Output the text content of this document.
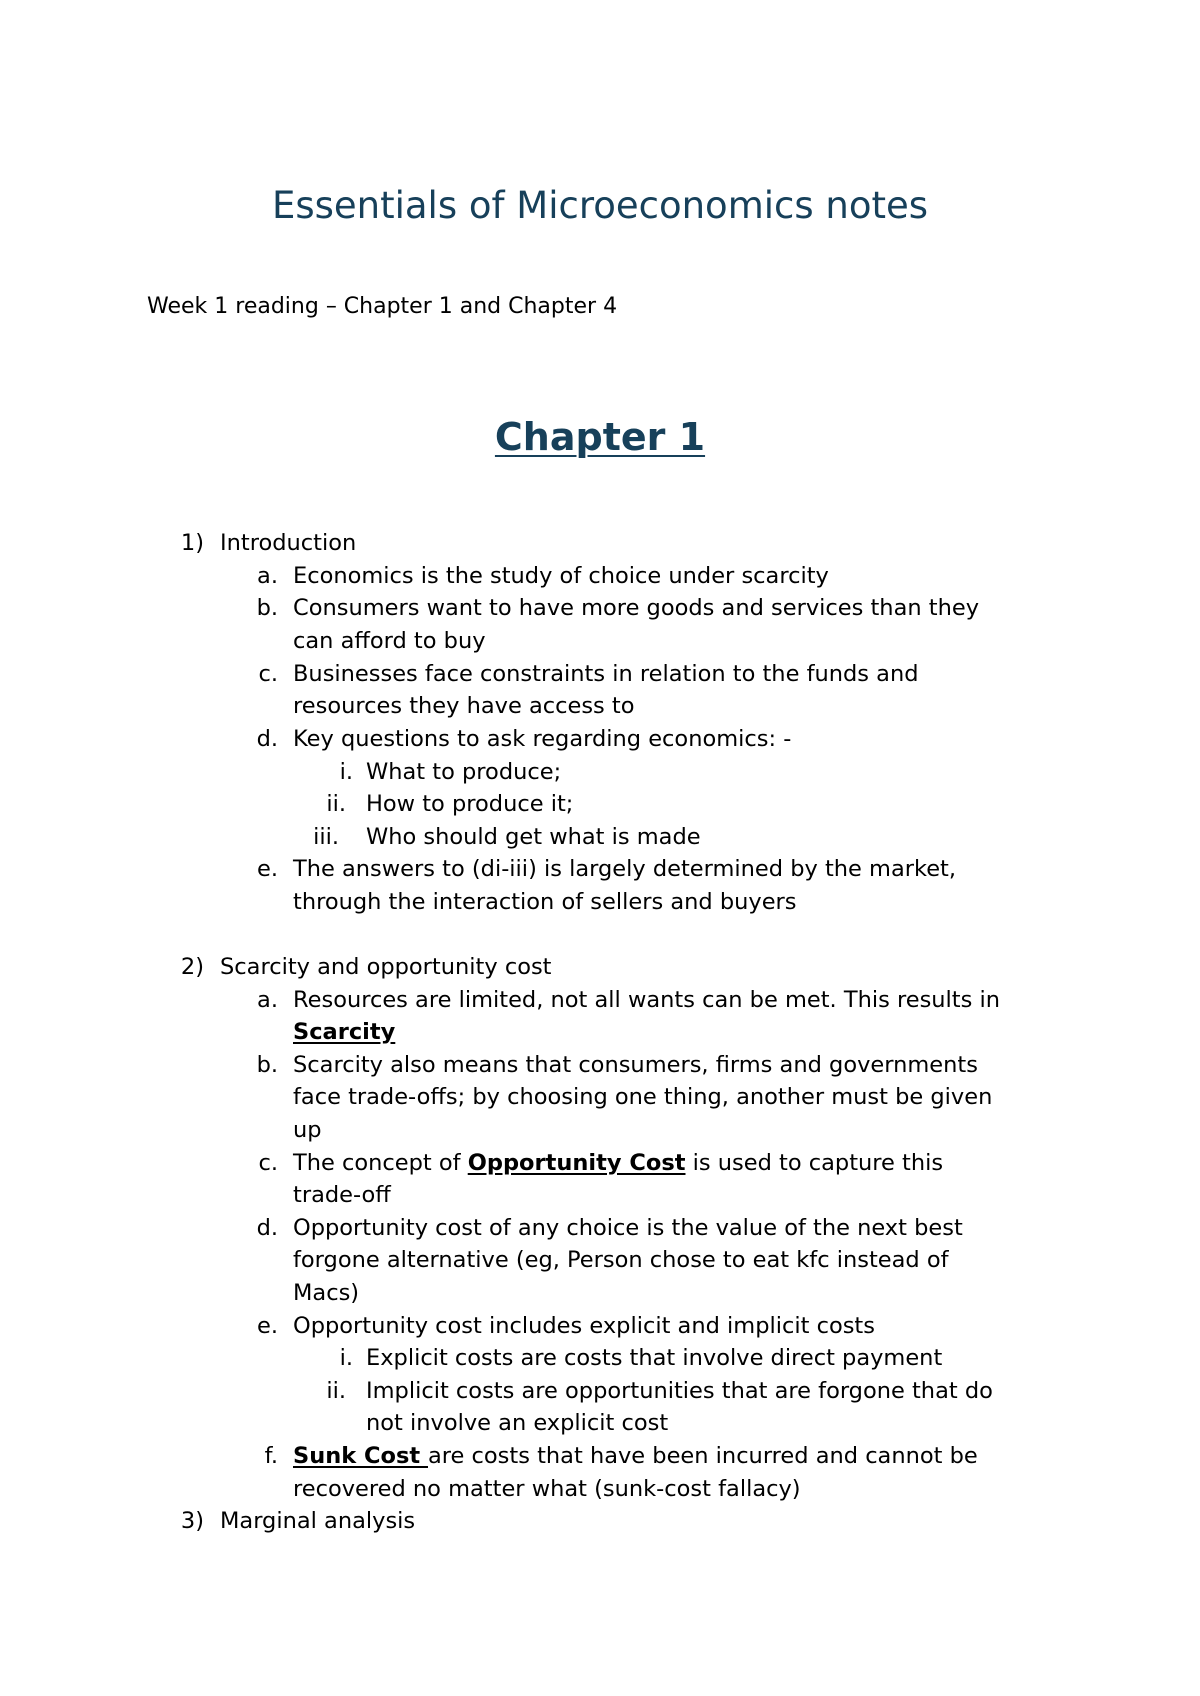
Essentials of Microeconomics notes

Week 1 reading – Chapter 1 and Chapter 4

Chapter 1
1) Introduction
a. Economics is the study of choice under scarcity
b. Consumers want to have more goods and services than they
can afford to buy
c. Businesses face constraints in relation to the funds and
resources they have access to
d. Key questions to ask regarding economics: -
i. What to produce;
ii. How to produce it;
iii. Who should get what is made
e. The answers to (di-iii) is largely determined by the market,
through the interaction of sellers and buyers
2) Scarcity and opportunity cost
a. Resources are limited, not all wants can be met. This results in
Scarcity
b. Scarcity also means that consumers, firms and governments
face trade-offs; by choosing one thing, another must be given
up
c. The concept of Opportunity Cost is used to capture this
trade-off
d. Opportunity cost of any choice is the value of the next best
forgone alternative (eg, Person chose to eat kfc instead of
Macs)
e. Opportunity cost includes explicit and implicit costs
i. Explicit costs are costs that involve direct payment
ii. Implicit costs are opportunities that are forgone that do
not involve an explicit cost
f. Sunk Cost are costs that have been incurred and cannot be
recovered no matter what (sunk-cost fallacy)
3) Marginal analysis
